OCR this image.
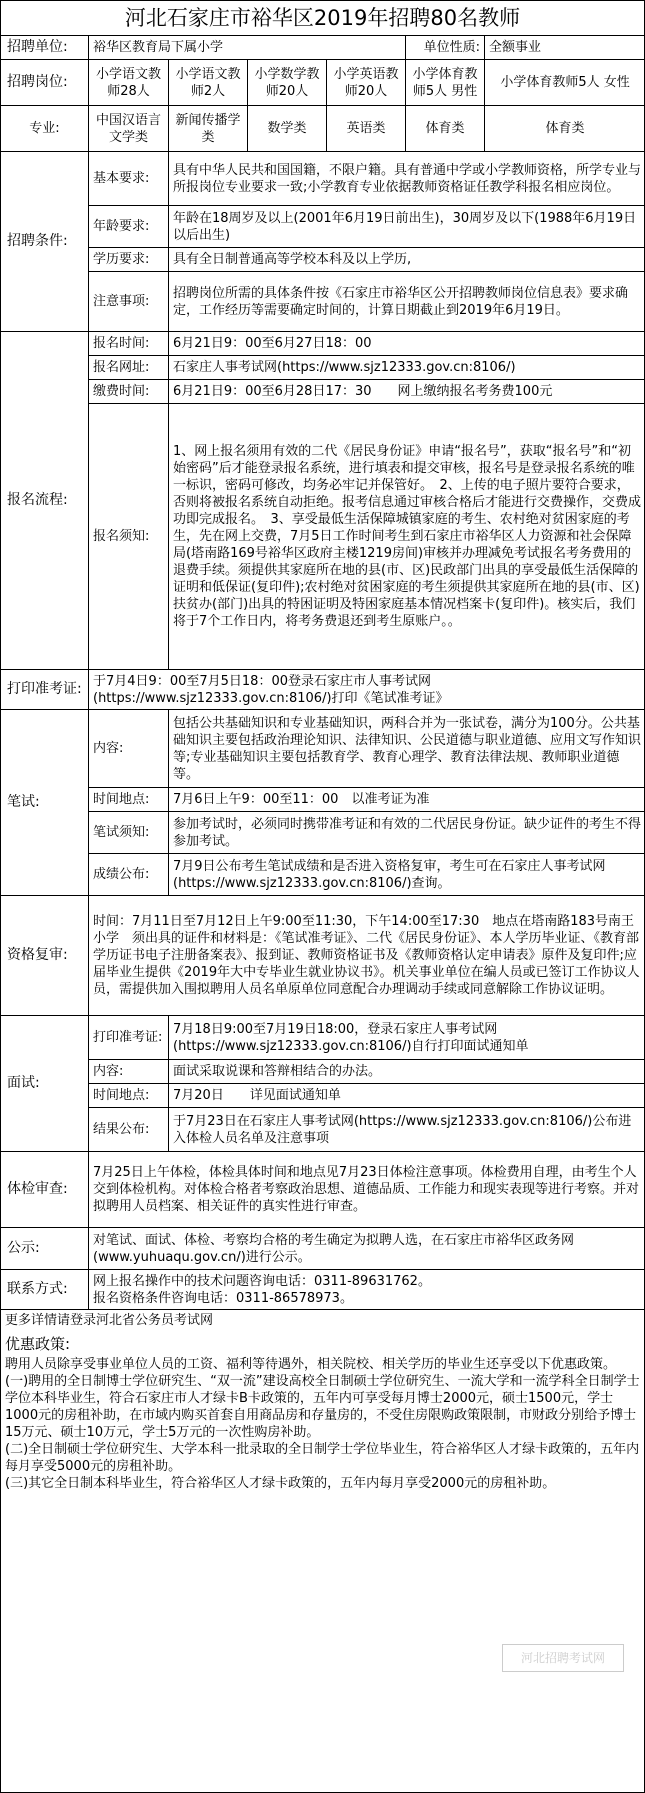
河北石家庄市裕华区2019年招聘80名教师
招聘单位:	裕华区教育局下属小学				单位性质:	全额事业
招聘岗位:	小学语文教师28人	小学语文教师2人	小学数学教师20人	小学英语教师20人	小学体育教师5人 男性	小学体育教师5人 女性
专业:	中国汉语言文学类	新闻传播学类	数学类	英语类	体育类	体育类
招聘条件:	基本要求:	具有中华人民共和国国籍，不限户籍。具有普通中学或小学教师资格，所学专业与所报岗位专业要求一致;小学教育专业依据教师资格证任教学科报名相应岗位。				
	年龄要求:	年龄在18周岁及以上(2001年6月19日前出生)，30周岁及以下(1988年6月19日以后出生)				
	学历要求:	具有全日制普通高等学校本科及以上学历,				
	注意事项:	招聘岗位所需的具体条件按《石家庄市裕华区公开招聘教师岗位信息表》要求确定，工作经历等需要确定时间的，计算日期截止到2019年6月19日。				
报名流程:	报名时间:	6月21日9：00至6月27日18：00				
	报名网址:	石家庄人事考试网(https://www.sjz12333.gov.cn:8106/)				
	缴费时间:	6月21日9：00至6月28日17：30　　网上缴纳报名考务费100元				
	报名须知:	1、网上报名须用有效的二代《居民身份证》申请“报名号”，获取“报名号”和“初始密码”后才能登录报名系统，进行填表和提交审核，报名号是登录报名系统的唯一标识，密码可修改，均务必牢记并保管好。　2、上传的电子照片要符合要求，否则将被报名系统自动拒绝。报考信息通过审核合格后才能进行交费操作，交费成功即完成报名。　3、享受最低生活保障城镇家庭的考生、农村绝对贫困家庭的考生，先在网上交费，7月5日工作时间考生到石家庄市裕华区人力资源和社会保障局(塔南路169号裕华区政府主楼1219房间)审核并办理减免考试报名考务费用的退费手续。须提供其家庭所在地的县(市、区)民政部门出具的享受最低生活保障的证明和低保证(复印件);农村绝对贫困家庭的考生须提供其家庭所在地的县(市、区)扶贫办(部门)出具的特困证明及特困家庭基本情况档案卡(复印件)。核实后，我们将于7个工作日内，将考务费退还到考生原账户。。				
打印准考证:	于7月4日9：00至7月5日18：00登录石家庄市人事考试网(https://www.sjz12333.gov.cn:8106/)打印《笔试准考证》					
笔试:	内容:	包括公共基础知识和专业基础知识，两科合并为一张试卷，满分为100分。公共基础知识主要包括政治理论知识、法律知识、公民道德与职业道德、应用文写作知识等;专业基础知识主要包括教育学、教育心理学、教育法律法规、教师职业道德等。				
	时间地点:	7月6日上午9：00至11：00　以准考证为准				
	笔试须知:	参加考试时，必须同时携带准考证和有效的二代居民身份证。缺少证件的考生不得参加考试。				
	成绩公布:	7月9日公布考生笔试成绩和是否进入资格复审，考生可在石家庄人事考试网(https://www.sjz12333.gov.cn:8106/)查询。				
资格复审:	时间：7月11日至7月12日上午9:00至11:30，下午14:00至17:30　地点在塔南路183号南王小学　须出具的证件和材料是：《笔试准考证》、二代《居民身份证》、本人学历毕业证、《教育部学历证书电子注册备案表》、报到证、教师资格证书及《教师资格认定申请表》原件及复印件;应届毕业生提供《2019年大中专毕业生就业协议书》。机关事业单位在编人员或已签订工作协议人员，需提供加入围拟聘用人员名单原单位同意配合办理调动手续或同意解除工作协议证明。					
面试:	打印准考证:	7月18日9:00至7月19日18:00，登录石家庄人事考试网(https://www.sjz12333.gov.cn:8106/)自行打印面试通知单				
	内容:	面试采取说课和答辩相结合的办法。				
	时间地点:	7月20日　　详见面试通知单				
	结果公布:	于7月23日在石家庄人事考试网(https://www.sjz12333.gov.cn:8106/)公布进入体检人员名单及注意事项				
体检审查:	7月25日上午体检，体检具体时间和地点见7月23日体检注意事项。体检费用自理，由考生个人交到体检机构。对体检合格者考察政治思想、道德品质、工作能力和现实表现等进行考察。并对拟聘用人员档案、相关证件的真实性进行审查。					
公示:	对笔试、面试、体检、考察均合格的考生确定为拟聘人选，在石家庄市裕华区政务网(www.yuhuaqu.gov.cn/)进行公示。					
联系方式:	网上报名操作中的技术问题咨询电话：0311-89631762。
报名资格条件咨询电话：0311-86578973。					
更多详情请登录河北省公务员考试网
优惠政策:
聘用人员除享受事业单位人员的工资、福利等待遇外，相关院校、相关学历的毕业生还享受以下优惠政策。
(一)聘用的全日制博士学位研究生、“双一流”建设高校全日制硕士学位研究生、一流大学和一流学科全日制学士学位本科毕业生，符合石家庄市人才绿卡B卡政策的，五年内可享受每月博士2000元，硕士1500元，学士1000元的房租补助，在市域内购买首套自用商品房和存量房的，不受住房限购政策限制，市财政分别给予博士15万元、硕士10万元，学士5万元的一次性购房补助。
(二)全日制硕士学位研究生、大学本科一批录取的全日制学士学位毕业生，符合裕华区人才绿卡政策的，五年内每月享受5000元的房租补助。
(三)其它全日制本科毕业生，符合裕华区人才绿卡政策的，五年内每月享受2000元的房租补助。
河北招聘考试网
